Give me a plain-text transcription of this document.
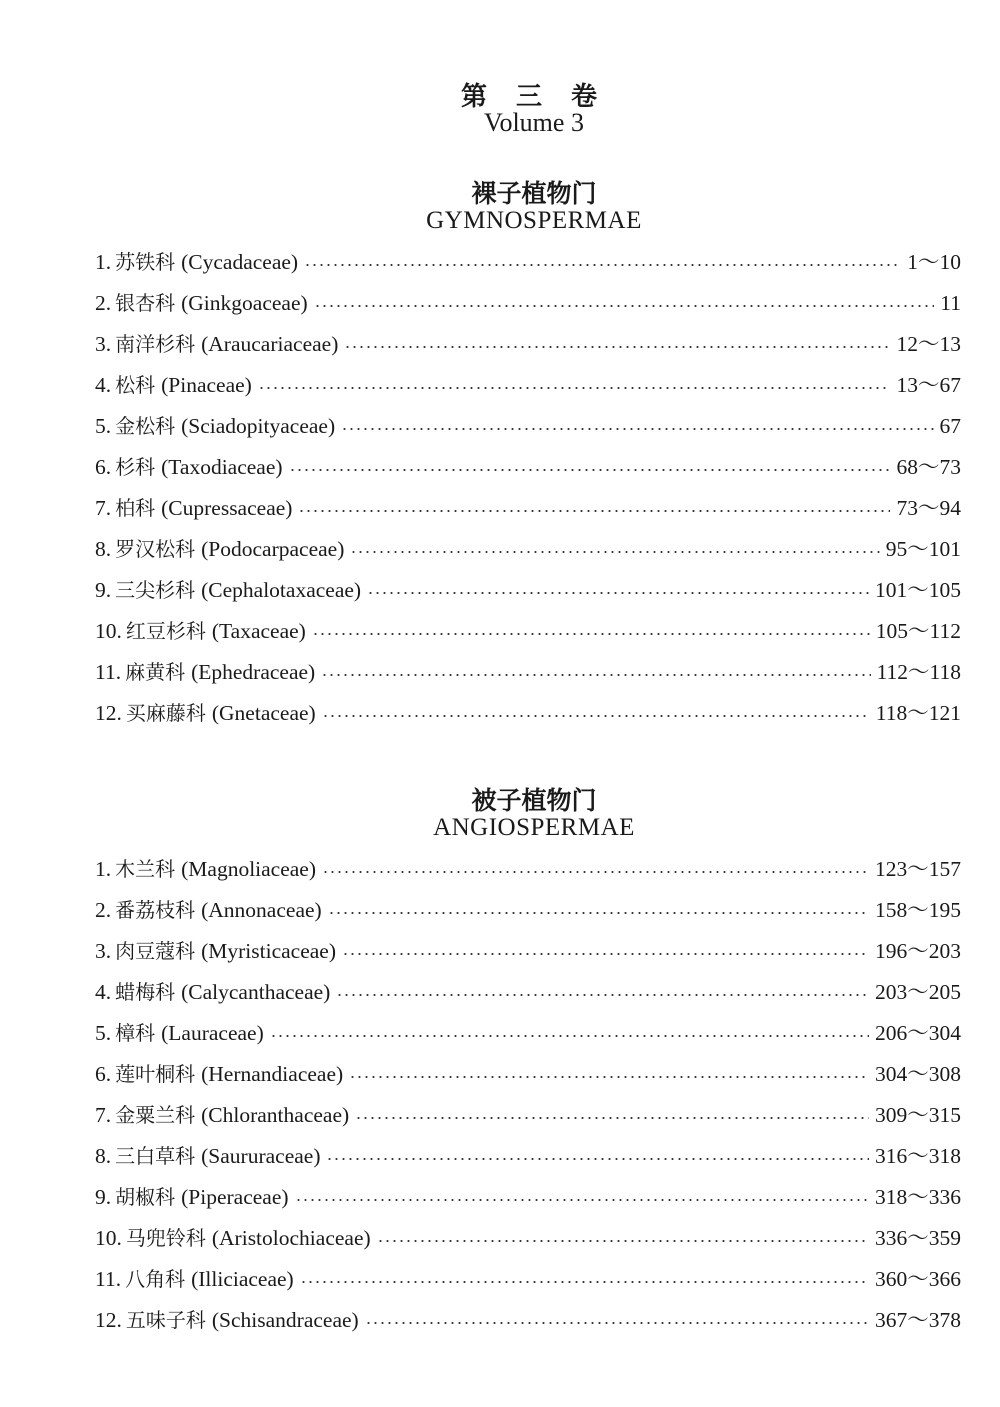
第 三 卷
Volume 3
裸子植物门
GYMNOSPERMAE
1. 苏铁科 (Cycadaceae)	1～10
2. 银杏科 (Ginkgoaceae)	11
3. 南洋杉科 (Araucariaceae)	12～13
4. 松科 (Pinaceae)	13～67
5. 金松科 (Sciadopityaceae)	67
6. 杉科 (Taxodiaceae)	68～73
7. 柏科 (Cupressaceae)	73～94
8. 罗汉松科 (Podocarpaceae)	95～101
9. 三尖杉科 (Cephalotaxaceae)	101～105
10. 红豆杉科 (Taxaceae)	105～112
11. 麻黄科 (Ephedraceae)	112～118
12. 买麻藤科 (Gnetaceae)	118～121
被子植物门
ANGIOSPERMAE
1. 木兰科 (Magnoliaceae)	123～157
2. 番荔枝科 (Annonaceae)	158～195
3. 肉豆蔻科 (Myristicaceae)	196～203
4. 蜡梅科 (Calycanthaceae)	203～205
5. 樟科 (Lauraceae)	206～304
6. 莲叶桐科 (Hernandiaceae)	304～308
7. 金粟兰科 (Chloranthaceae)	309～315
8. 三白草科 (Saururaceae)	316～318
9. 胡椒科 (Piperaceae)	318～336
10. 马兜铃科 (Aristolochiaceae)	336～359
11. 八角科 (Illiciaceae)	360～366
12. 五味子科 (Schisandraceae)	367～378
